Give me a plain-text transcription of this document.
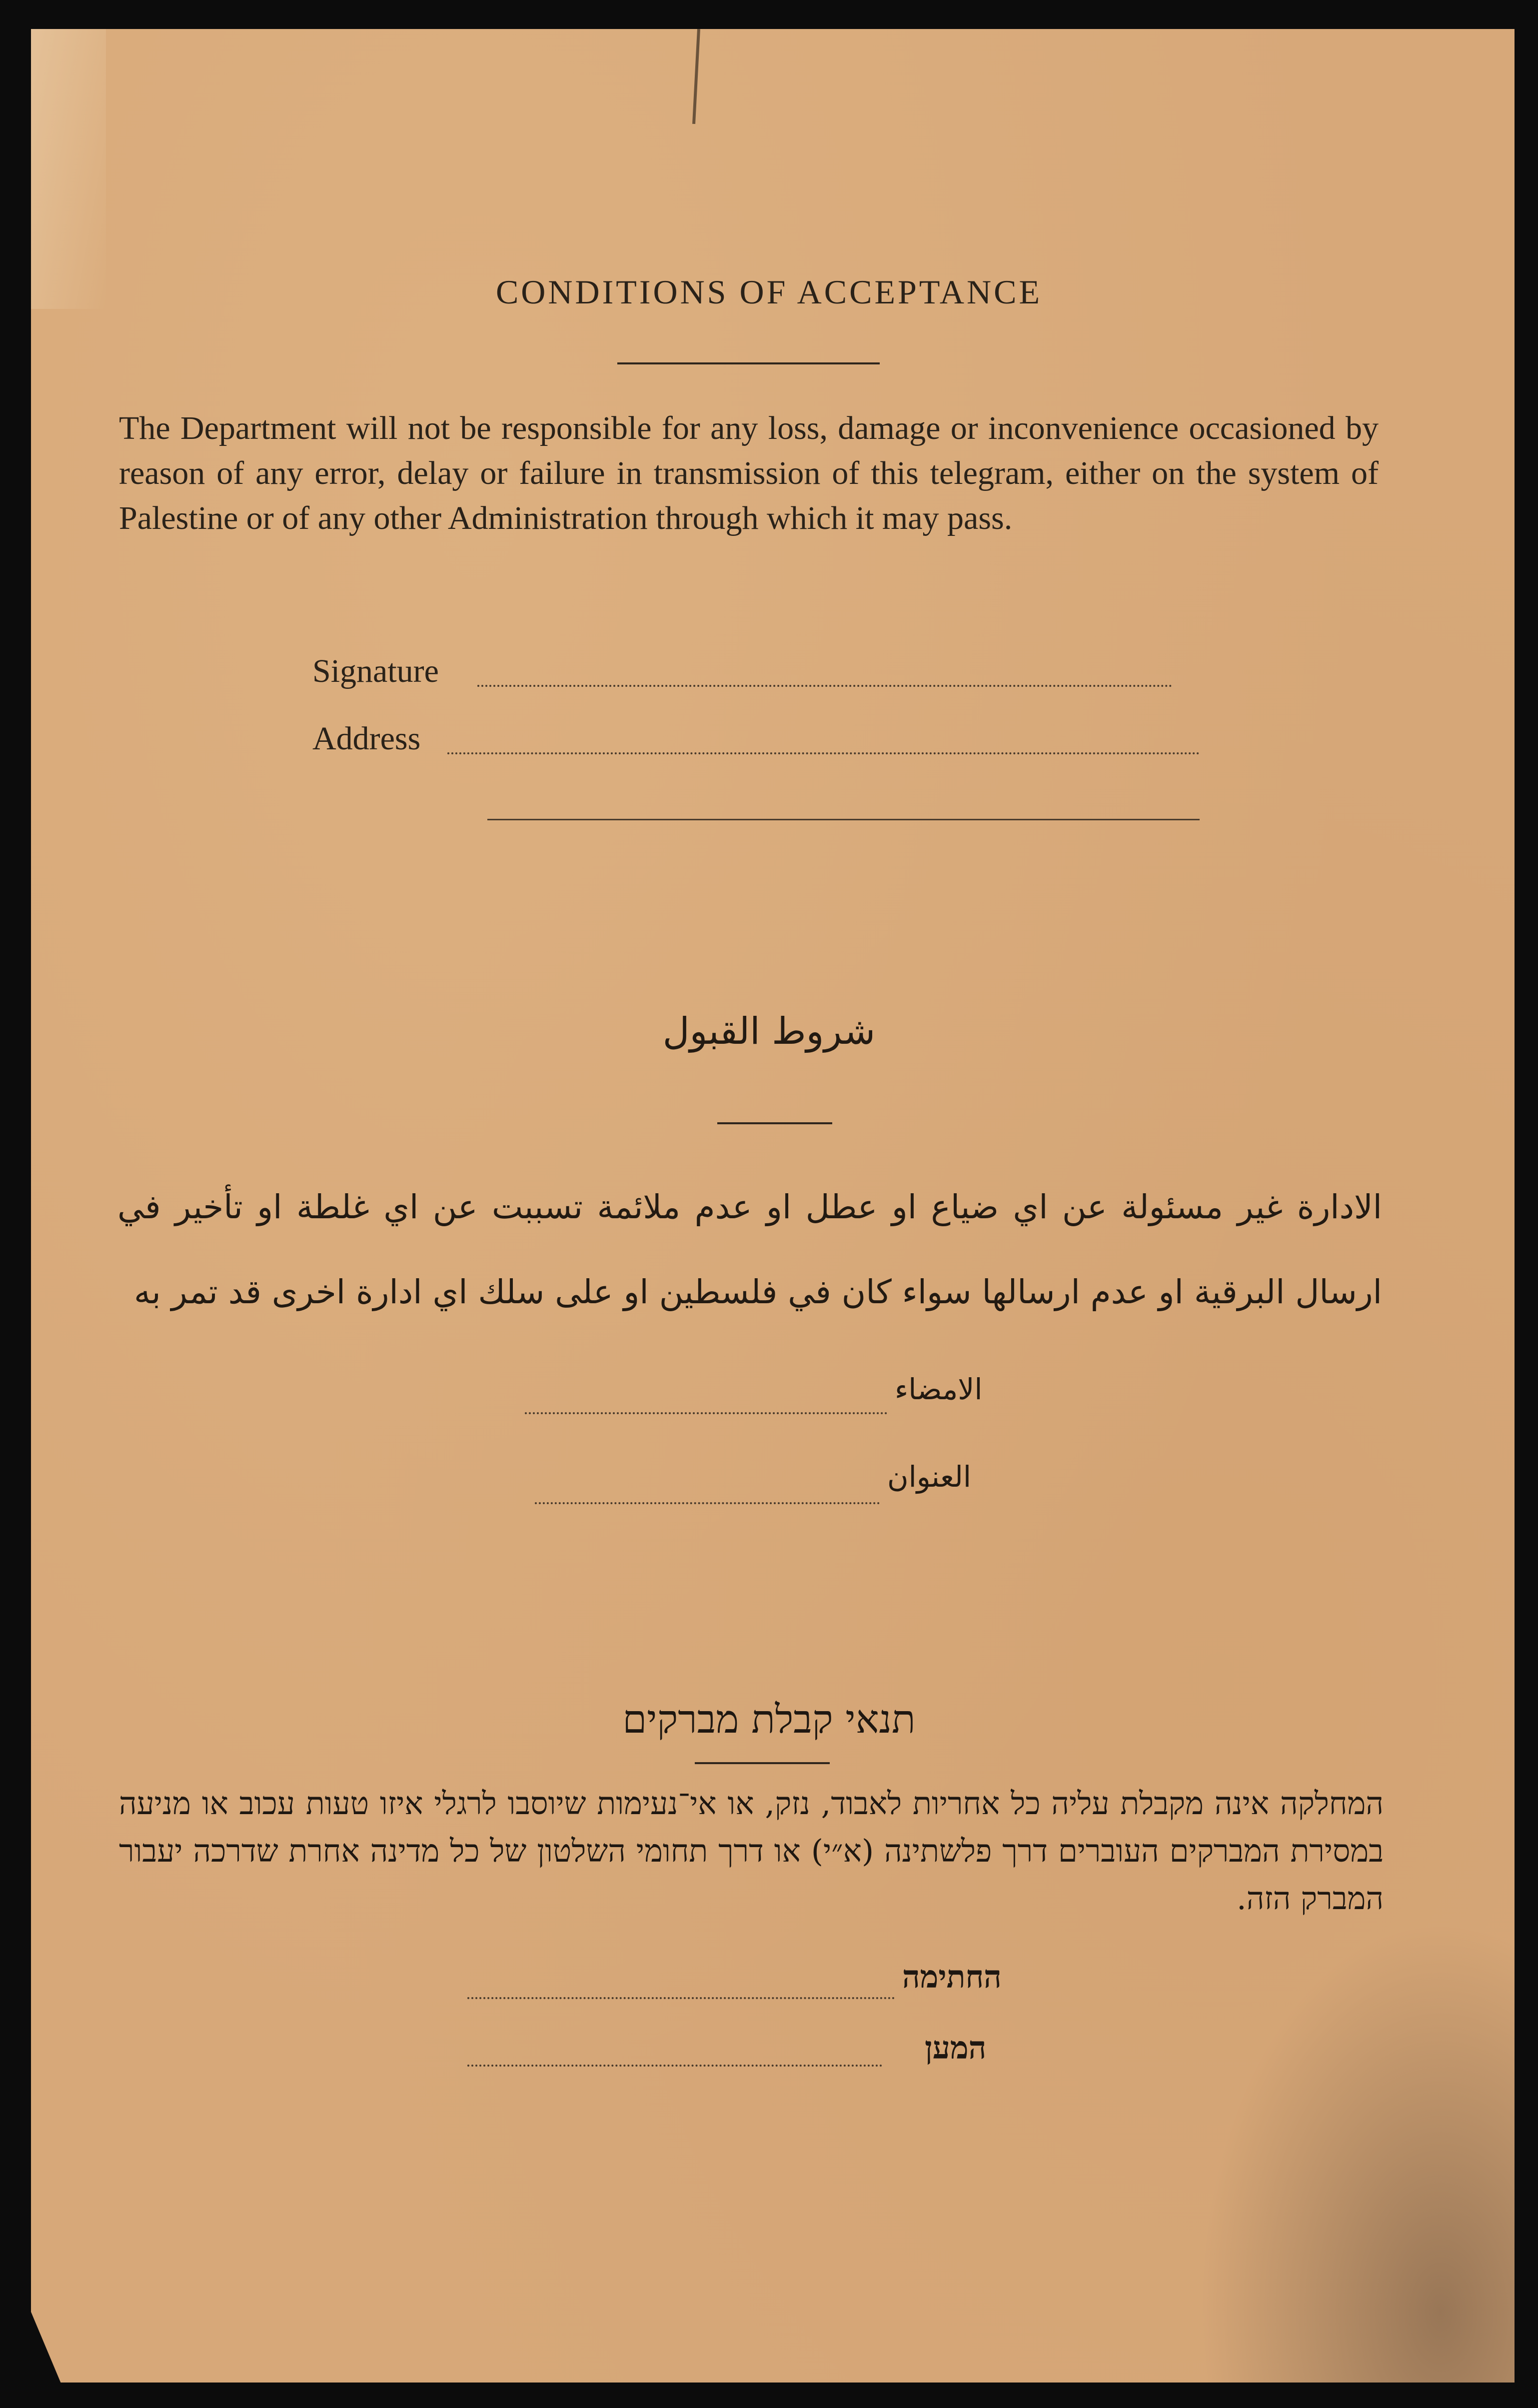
CONDITIONS OF ACCEPTANCE
The Department will not be responsible for any loss, damage or inconvenience occasioned by reason of any error, delay or failure in transmission of this telegram, either on the system of Palestine or of any other Administration through which it may pass.
Signature
Address
شروط القبول
الادارة غير مسئولة عن اي ضياع او عطل او عدم ملائمة تسببت عن اي غلطة او تأخير في ارسال البرقية او عدم ارسالها سواء كان في فلسطين او على سلك اي ادارة اخرى قد تمر به
الامضاء
العنوان
תנאי קבלת מברקים
המחלקה אינה מקבלת עליה כל אחריות לאבוד, נזק, או אי־נעימות שיוסבו לרגלי איזו טעות עכוב או מניעה במסירת המברקים העוברים דרך פלשתינה (א״י) או דרך תחומי השלטון של כל מדינה אחרת שדרכה יעבור המברק הזה.
החתימה
המען
